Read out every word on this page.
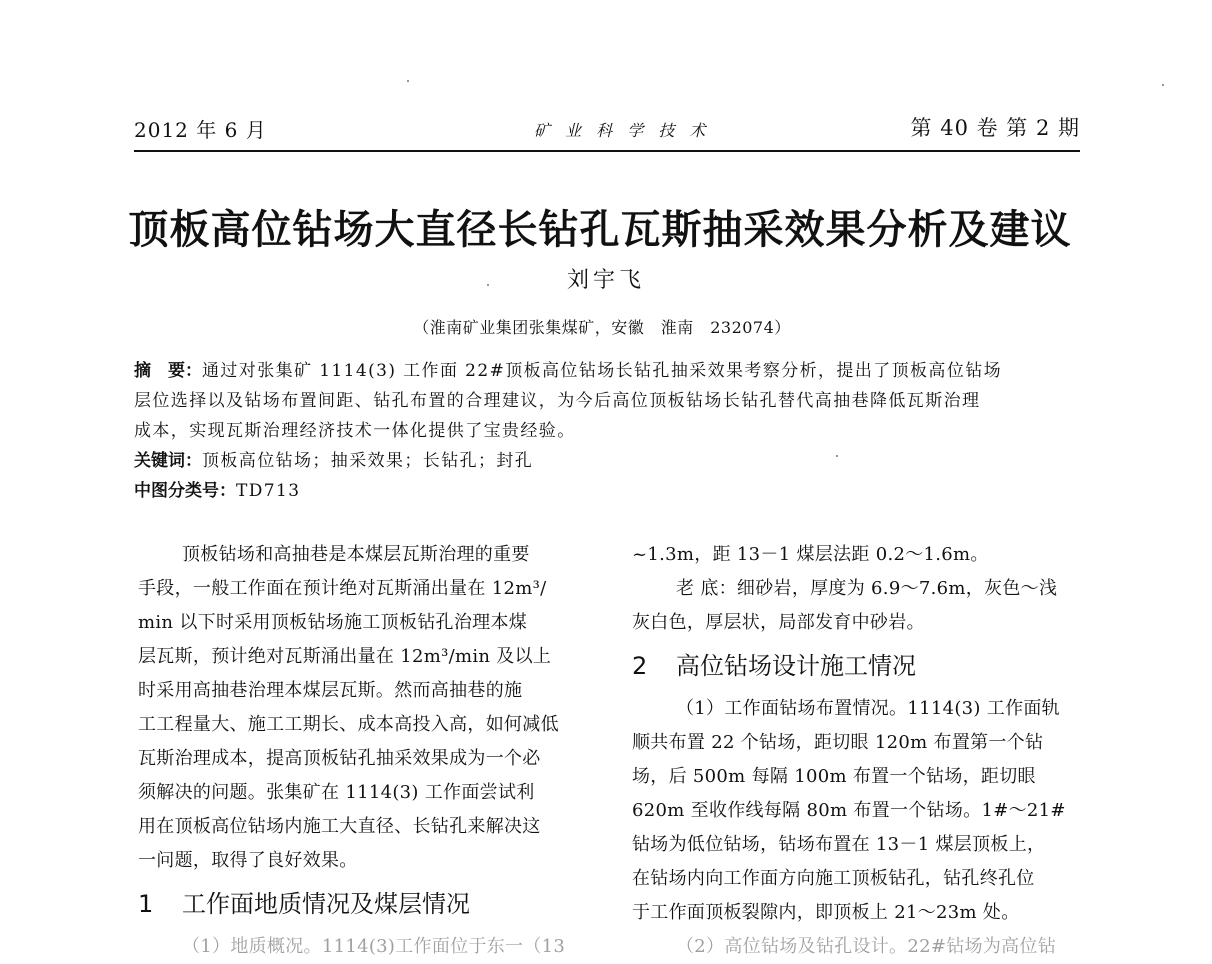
2012 年 6 月	矿 业 科 学 技 术	第 40 卷 第 2 期
顶板高位钻场大直径长钻孔瓦斯抽采效果分析及建议
刘宇飞
（淮南矿业集团张集煤矿，安徽　淮南　232074）
摘　要：通过对张集矿 1114(3) 工作面 22#顶板高位钻场长钻孔抽采效果考察分析，提出了顶板高位钻场
层位选择以及钻场布置间距、钻孔布置的合理建议，为今后高位顶板钻场长钻孔替代高抽巷降低瓦斯治理
成本，实现瓦斯治理经济技术一体化提供了宝贵经验。
关键词：顶板高位钻场；抽采效果；长钻孔；封孔
中图分类号：TD713
顶板钻场和高抽巷是本煤层瓦斯治理的重要
手段，一般工作面在预计绝对瓦斯涌出量在 12m³/
min 以下时采用顶板钻场施工顶板钻孔治理本煤
层瓦斯，预计绝对瓦斯涌出量在 12m³/min 及以上
时采用高抽巷治理本煤层瓦斯。然而高抽巷的施
工工程量大、施工工期长、成本高投入高，如何减低
瓦斯治理成本，提高顶板钻孔抽采效果成为一个必
须解决的问题。张集矿在 1114(3) 工作面尝试利
用在顶板高位钻场内施工大直径、长钻孔来解决这
一问题，取得了良好效果。
1 工作面地质情况及煤层情况
（1）地质概况。1114(3)工作面位于东一（13
~1.3m，距 13－1 煤层法距 0.2～1.6m。
老 底：细砂岩，厚度为 6.9～7.6m，灰色～浅
灰白色，厚层状，局部发育中砂岩。
2 高位钻场设计施工情况
（1）工作面钻场布置情况。1114(3) 工作面轨
顺共布置 22 个钻场，距切眼 120m 布置第一个钻
场，后 500m 每隔 100m 布置一个钻场，距切眼
620m 至收作线每隔 80m 布置一个钻场。1#～21#
钻场为低位钻场，钻场布置在 13－1 煤层顶板上，
在钻场内向工作面方向施工顶板钻孔，钻孔终孔位
于工作面顶板裂隙内，即顶板上 21～23m 处。
（2）高位钻场及钻孔设计。22#钻场为高位钻
